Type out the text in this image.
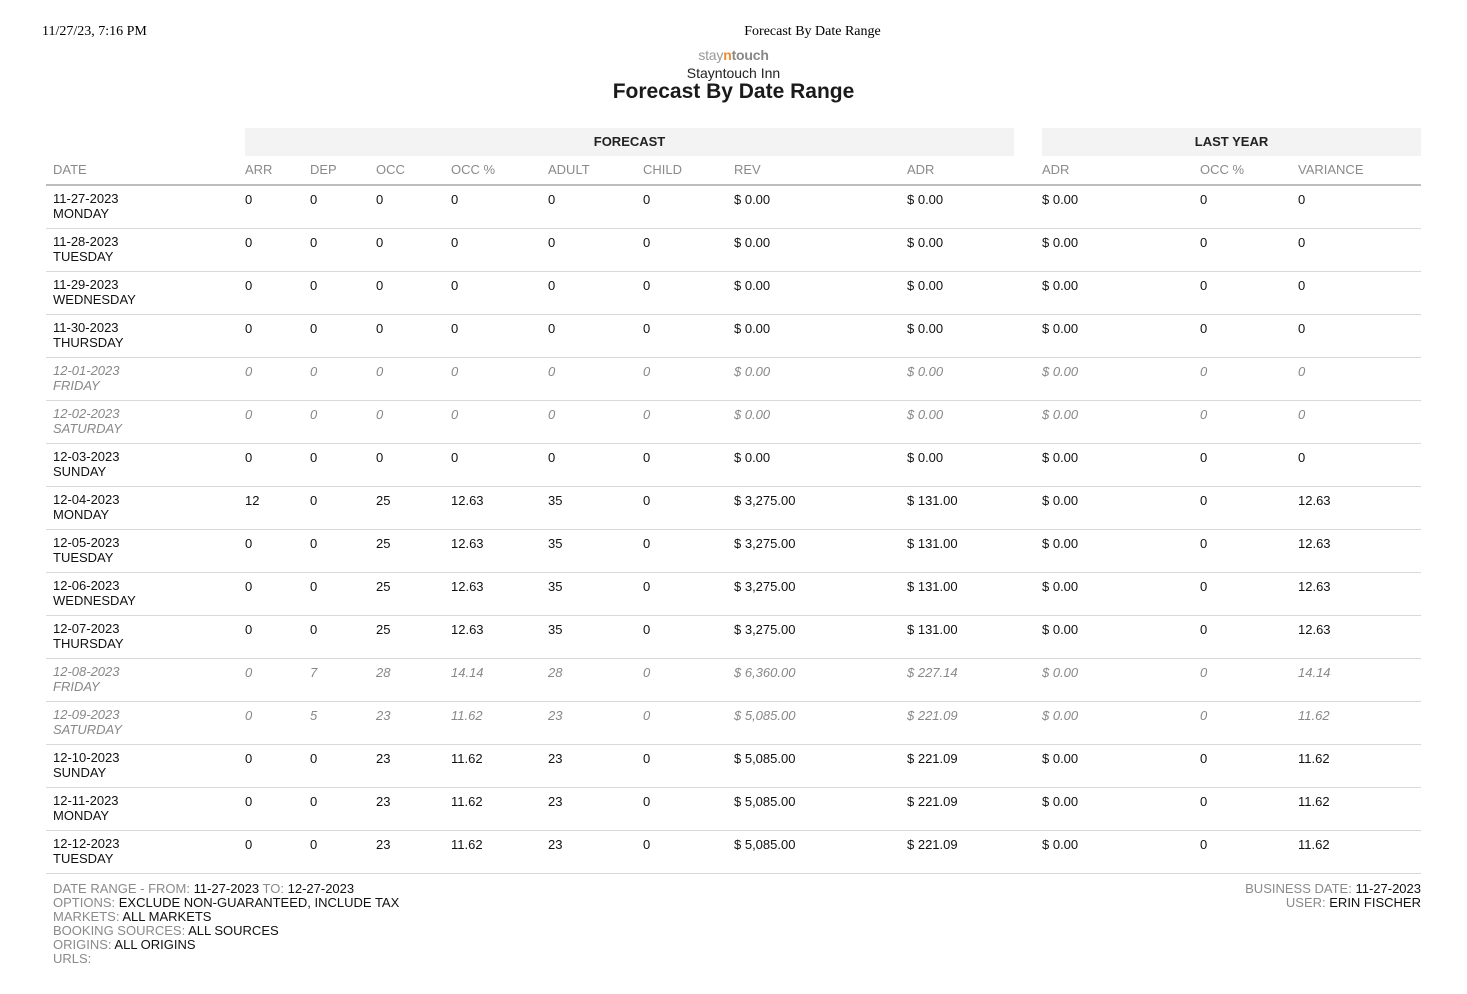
11/27/23, 7:16 PM	Forecast By Date Range
stayntouch
Stayntouch Inn
Forecast By Date Range
FORECAST	LAST YEAR
DATE	ARR	DEP	OCC	OCC %	ADULT	CHILD	REV	ADR	ADR	OCC %	VARIANCE
11-27-2023
MONDAY
0	0	0	0	0	0	$ 0.00	$ 0.00	$ 0.00	0	0
11-28-2023
TUESDAY
0	0	0	0	0	0	$ 0.00	$ 0.00	$ 0.00	0	0
11-29-2023
WEDNESDAY
0	0	0	0	0	0	$ 0.00	$ 0.00	$ 0.00	0	0
11-30-2023
THURSDAY
0	0	0	0	0	0	$ 0.00	$ 0.00	$ 0.00	0	0
12-01-2023
FRIDAY
0	0	0	0	0	0	$ 0.00	$ 0.00	$ 0.00	0	0
12-02-2023
SATURDAY
0	0	0	0	0	0	$ 0.00	$ 0.00	$ 0.00	0	0
12-03-2023
SUNDAY
0	0	0	0	0	0	$ 0.00	$ 0.00	$ 0.00	0	0
12-04-2023
MONDAY
12	0	25	12.63	35	0	$ 3,275.00	$ 131.00	$ 0.00	0	12.63
12-05-2023
TUESDAY
0	0	25	12.63	35	0	$ 3,275.00	$ 131.00	$ 0.00	0	12.63
12-06-2023
WEDNESDAY
0	0	25	12.63	35	0	$ 3,275.00	$ 131.00	$ 0.00	0	12.63
12-07-2023
THURSDAY
0	0	25	12.63	35	0	$ 3,275.00	$ 131.00	$ 0.00	0	12.63
12-08-2023
FRIDAY
0	7	28	14.14	28	0	$ 6,360.00	$ 227.14	$ 0.00	0	14.14
12-09-2023
SATURDAY
0	5	23	11.62	23	0	$ 5,085.00	$ 221.09	$ 0.00	0	11.62
12-10-2023
SUNDAY
0	0	23	11.62	23	0	$ 5,085.00	$ 221.09	$ 0.00	0	11.62
12-11-2023
MONDAY
0	0	23	11.62	23	0	$ 5,085.00	$ 221.09	$ 0.00	0	11.62
12-12-2023
TUESDAY
0	0	23	11.62	23	0	$ 5,085.00	$ 221.09	$ 0.00	0	11.62
DATE RANGE - FROM: 11-27-2023 TO: 12-27-2023
OPTIONS: EXCLUDE NON-GUARANTEED, INCLUDE TAX
MARKETS: ALL MARKETS
BOOKING SOURCES: ALL SOURCES
ORIGINS: ALL ORIGINS
URLS:
BUSINESS DATE: 11-27-2023
USER: ERIN FISCHER
